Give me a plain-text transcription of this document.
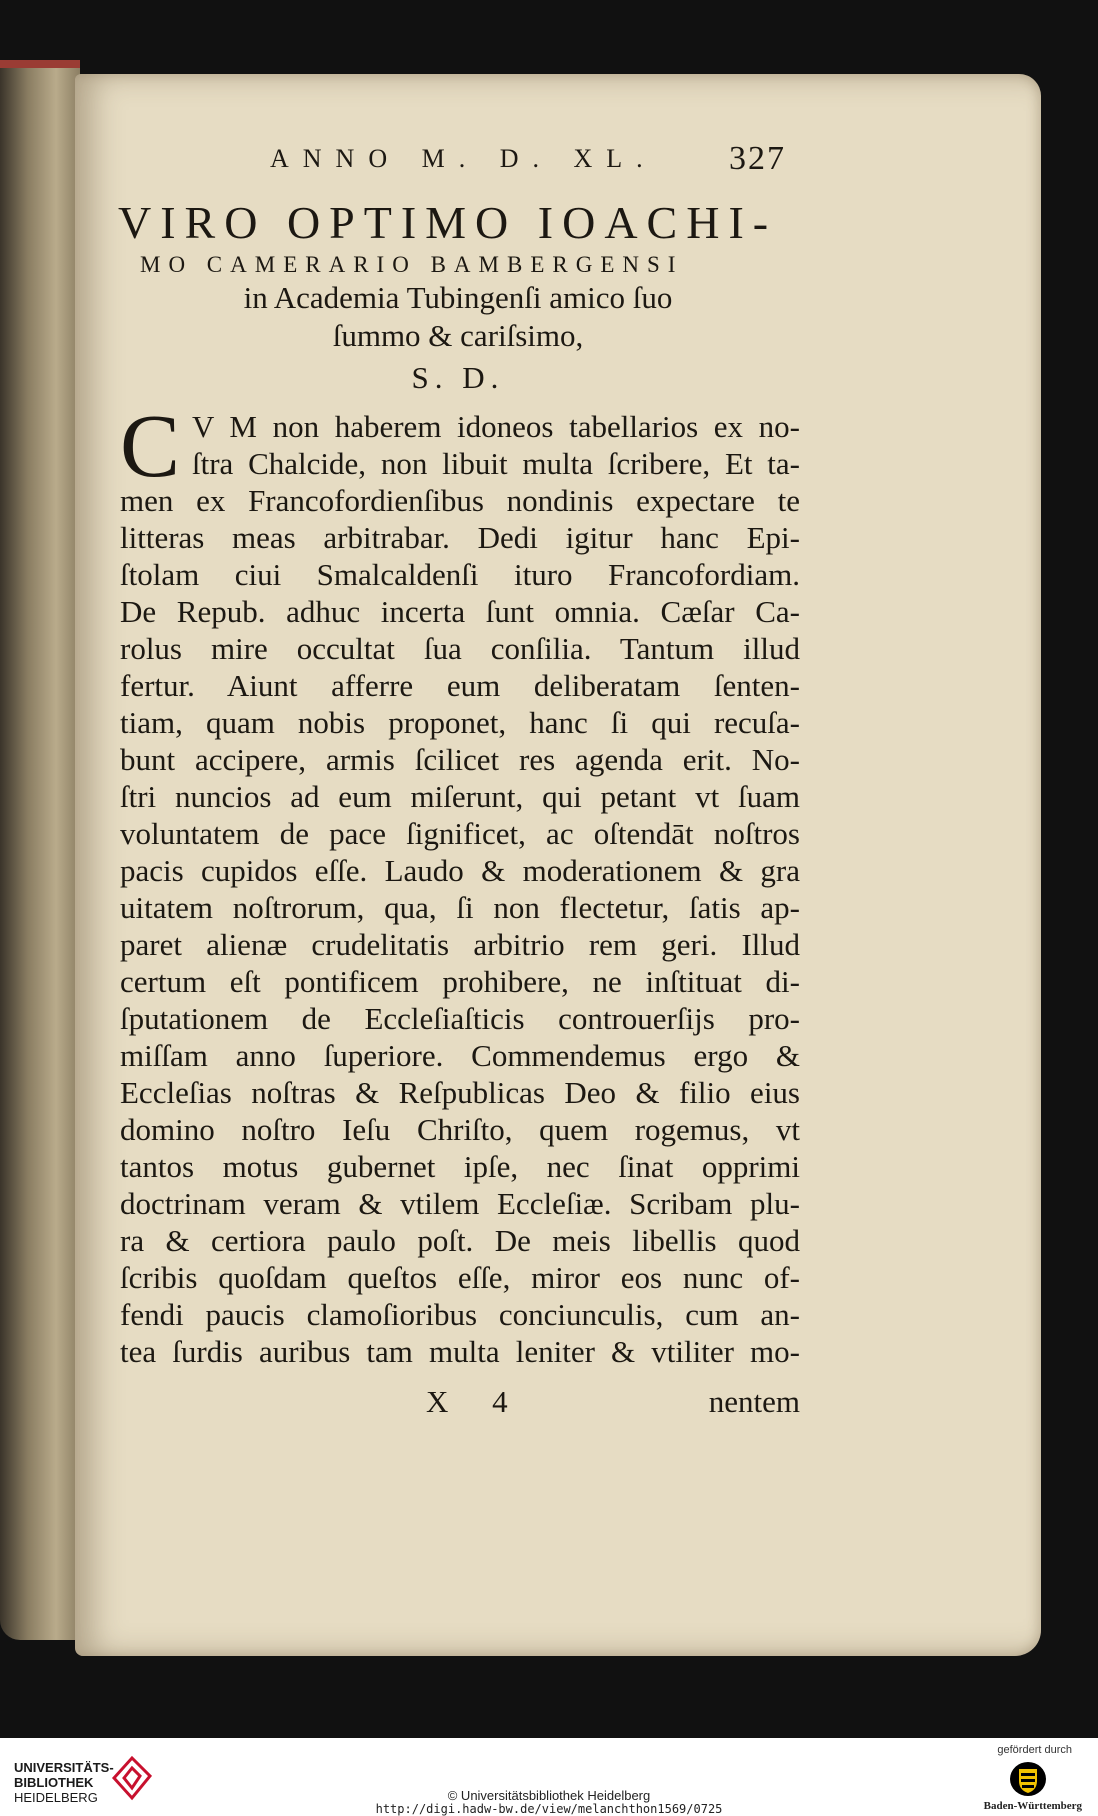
ANNO M. D. XL. 327
VIRO OPTIMO IOACHI-
MO CAMERARIO BAMBERGENSI
in Academia Tubingenſi amico ſuo
ſummo & cariſsimo,
S. D.
C V M non haberem idoneos tabellarios ex no-
ſtra Chalcide, non libuit multa ſcribere, Et ta-
men ex Francofordienſibus nondinis expectare te
litteras meas arbitrabar. Dedi igitur hanc Epi-
ſtolam ciui Smalcaldenſi ituro Francofordiam.
De Repub. adhuc incerta ſunt omnia. Cæſar Ca-
rolus mire occultat ſua conſilia. Tantum illud
fertur. Aiunt afferre eum deliberatam ſenten-
tiam, quam nobis proponet, hanc ſi qui recuſa-
bunt accipere, armis ſcilicet res agenda erit. No-
ſtri nuncios ad eum miſerunt, qui petant vt ſuam
voluntatem de pace ſignificet, ac oſtendāt noſtros
pacis cupidos eſſe. Laudo & moderationem & gra
uitatem noſtrorum, qua, ſi non flectetur, ſatis ap-
paret alienæ crudelitatis arbitrio rem geri. Illud
certum eſt pontificem prohibere, ne inſtituat di-
ſputationem de Eccleſiaſticis controuerſijs pro-
miſſam anno ſuperiore. Commendemus ergo &
Eccleſias noſtras & Reſpublicas Deo & filio eius
domino noſtro Ieſu Chriſto, quem rogemus, vt
tantos motus gubernet ipſe, nec ſinat opprimi
doctrinam veram & vtilem Eccleſiæ. Scribam plu-
ra & certiora paulo poſt. De meis libellis quod
ſcribis quoſdam queſtos eſſe, miror eos nunc of-
fendi paucis clamoſioribus conciunculis, cum an-
tea ſurdis auribus tam multa leniter & vtiliter mo-
X 4	nentem
UNIVERSITÄTS-
BIBLIOTHEK
HEIDELBERG	© Universitätsbibliothek Heidelberg
http://digi.hadw-bw.de/view/melanchthon1569/0725
gefördert durch
Baden-Württemberg
